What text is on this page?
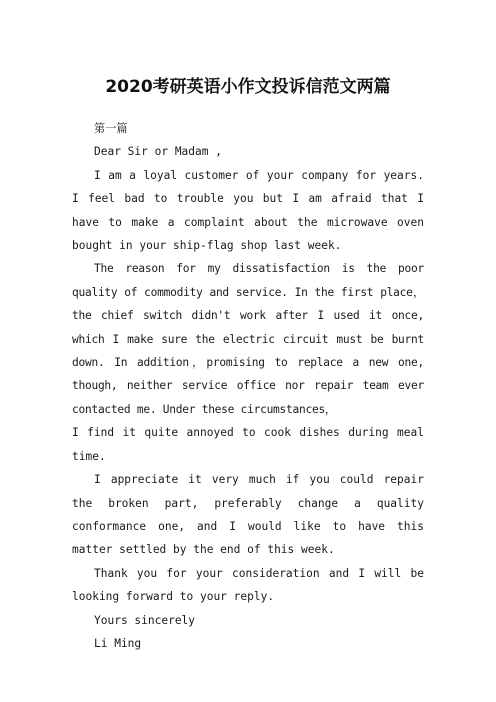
2020考研英语小作文投诉信范文两篇

第一篇

Dear Sir or Madam ,

I am a loyal customer of your company for years. I feel bad to trouble you but I am afraid that I have to make a complaint about the microwave oven bought in your ship-flag shop last week.

The reason for my dissatisfaction is the poor quality of commodity and service. In the first place，the chief switch didn't work after I used it once, which I make sure the electric circuit must be burnt down. In addition，promising to replace a new one, though, neither service office nor repair team ever contacted me. Under these circumstances，

I find it quite annoyed to cook dishes during meal time.

I appreciate it very much if you could repair the broken part, preferably change a quality conformance one, and I would like to have this matter settled by the end of this week.

Thank you for your consideration and I will be looking forward to your reply.

Yours sincerely

Li Ming
